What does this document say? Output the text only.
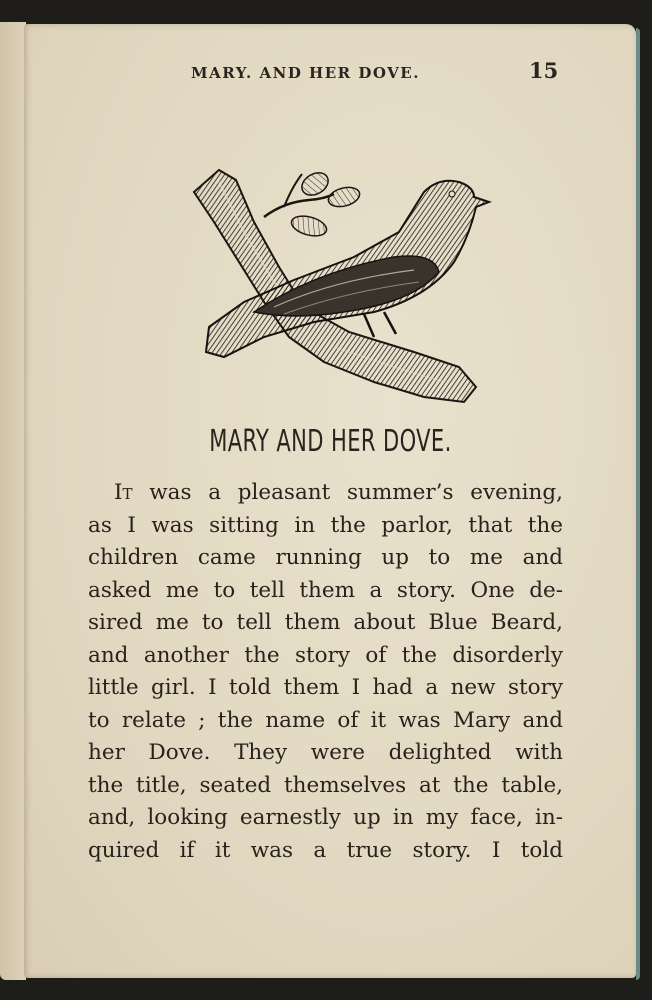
MARY. AND HER DOVE.	15
MARY AND HER DOVE.
It was a pleasant summer’s evening,
as I was sitting in the parlor, that the
children came running up to me and
asked me to tell them a story. One de-
sired me to tell them about Blue Beard,
and another the story of the disorderly
little girl. I told them I had a new story
to relate ; the name of it was Mary and
her Dove. They were delighted with
the title, seated themselves at the table,
and, looking earnestly up in my face, in-
quired if it was a true story. I told
